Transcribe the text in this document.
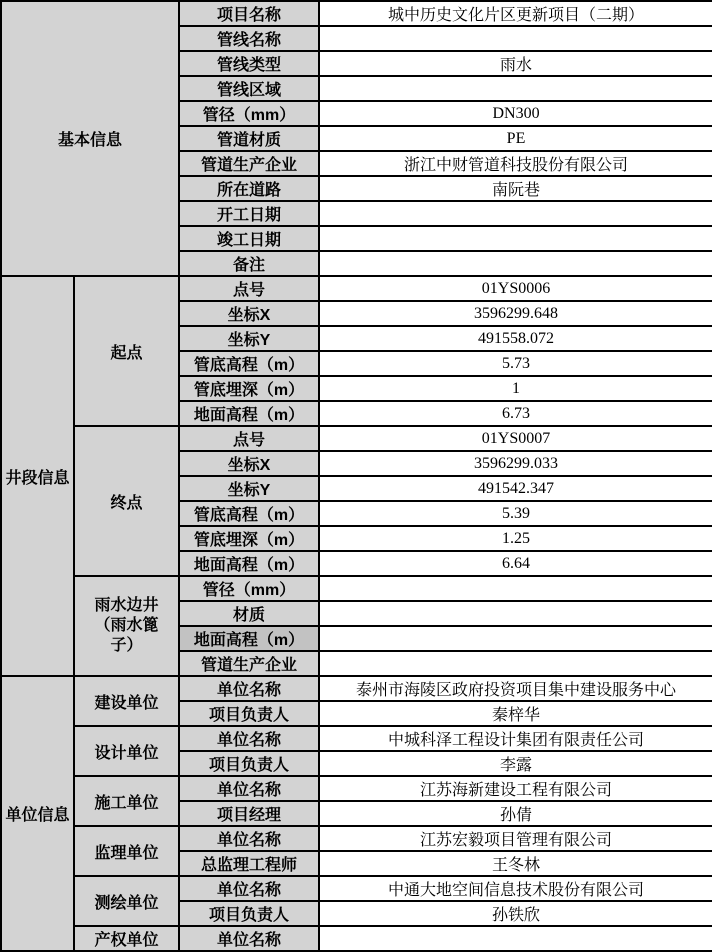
基本信息		项目名称	城中历史文化片区更新项目（二期）
		管线名称	
		管线类型	雨水
		管线区域	
		管径（mm）	DN300
		管道材质	PE
		管道生产企业	浙江中财管道科技股份有限公司
		所在道路	南阮巷
		开工日期	
		竣工日期	
		备注	
井段信息	起点	点号	01YS0006
		坐标X	3596299.648
		坐标Y	491558.072
		管底高程（m）	5.73
		管底埋深（m）	1
		地面高程（m）	6.73
	终点	点号	01YS0007
		坐标X	3596299.033
		坐标Y	491542.347
		管底高程（m）	5.39
		管底埋深（m）	1.25
		地面高程（m）	6.64
	雨水边井（雨水篦子）	管径（mm）	
		材质	
		地面高程（m）	
		管道生产企业	
单位信息	建设单位	单位名称	泰州市海陵区政府投资项目集中建设服务中心
		项目负责人	秦梓华
	设计单位	单位名称	中城科泽工程设计集团有限责任公司
		项目负责人	李露
	施工单位	单位名称	江苏海新建设工程有限公司
		项目经理	孙倩
	监理单位	单位名称	江苏宏毅项目管理有限公司
		总监理工程师	王冬林
	测绘单位	单位名称	中通大地空间信息技术股份有限公司
		项目负责人	孙铁欣
	产权单位	单位名称	
